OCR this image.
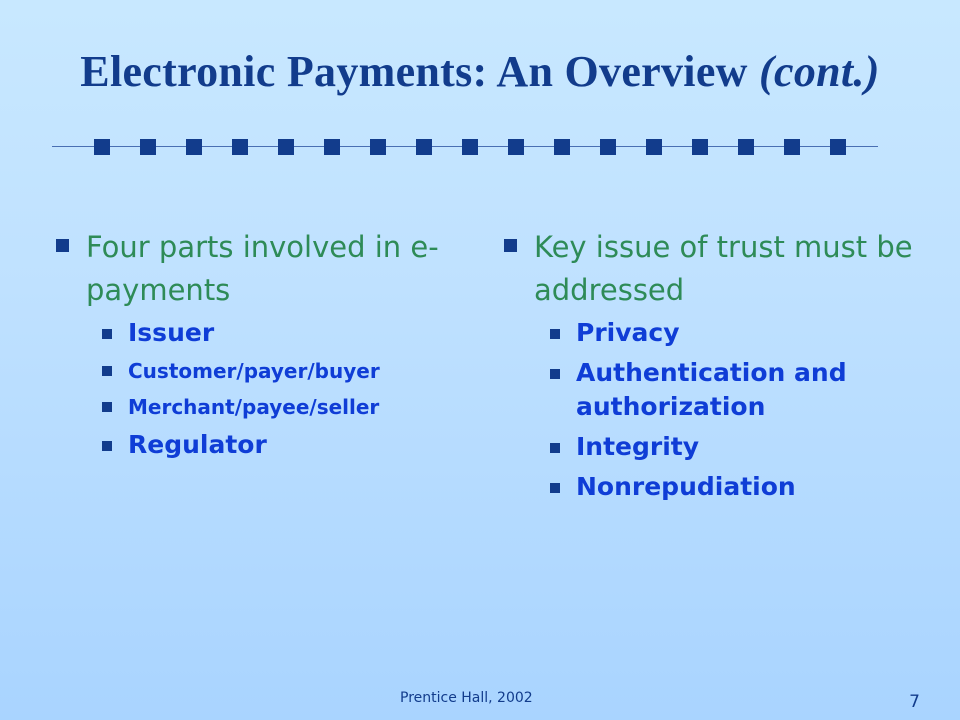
Electronic Payments: An Overview (cont.)
Four parts involved in e-payments
Issuer
Customer/payer/buyer
Merchant/payee/seller
Regulator
Key issue of trust must be addressed
Privacy
Authentication and authorization
Integrity
Nonrepudiation
Prentice Hall, 2002	7
